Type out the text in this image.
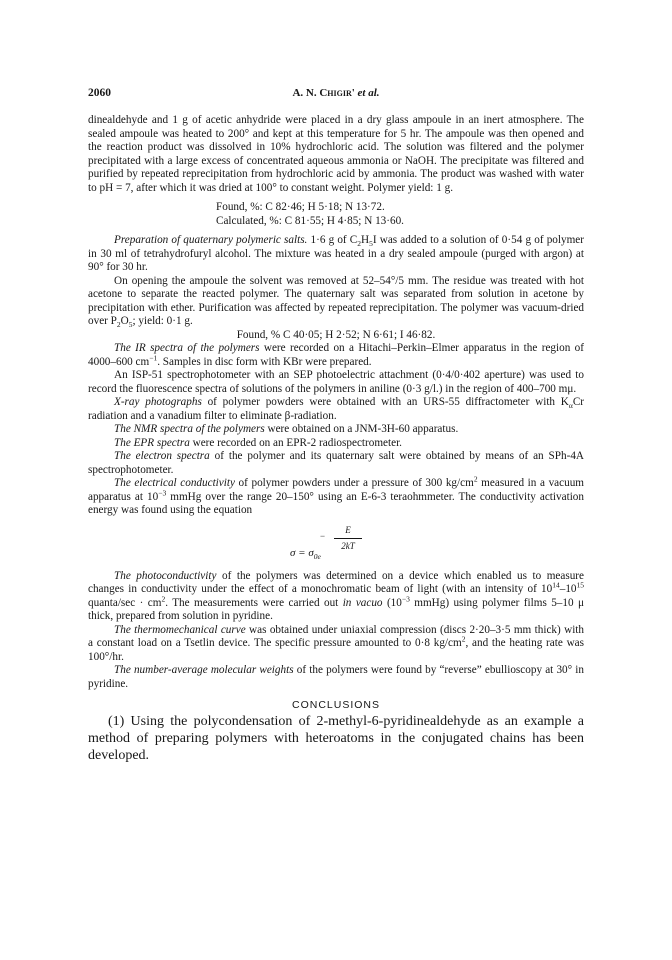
2060	A. N. Chigir' et al.

dinealdehyde and 1 g of acetic anhydride were placed in a dry glass ampoule in an inert atmosphere. The sealed ampoule was heated to 200° and kept at this temperature for 5 hr. The ampoule was then opened and the reaction product was dissolved in 10% hydrochloric acid. The solution was filtered and the polymer precipitated with a large excess of concentrated aqueous ammonia or NaOH. The precipitate was filtered and purified by repeated reprecipitation from hydrochloric acid by ammonia. The product was washed with water to pH = 7, after which it was dried at 100° to constant weight. Polymer yield: 1 g.

Found, %: C 82·46; H 5·18; N 13·72.
Calculated, %: C 81·55; H 4·85; N 13·60.

Preparation of quaternary polymeric salts. 1·6 g of $C_2H_5I$ was added to a solution of 0·54 g of polymer in 30 ml of tetrahydrofuryl alcohol. The mixture was heated in a dry sealed ampoule (purged with argon) at 90° for 30 hr.

On opening the ampoule the solvent was removed at 52–54°/5 mm. The residue was treated with hot acetone to separate the reacted polymer. The quaternary salt was separated from solution in acetone by precipitation with ether. Purification was affected by repeated reprecipitation. The polymer was vacuum-dried over $P_2O_5$; yield: 0·1 g.

Found, % C 40·05; H 2·52; N 6·61; I 46·82.

The IR spectra of the polymers were recorded on a Hitachi–Perkin–Elmer apparatus in the region of 4000–600 $cm^{-1}$. Samples in disc form with KBr were prepared.

An ISP-51 spectrophotometer with an SEP photoelectric attachment (0·4/0·402 aperture) was used to record the fluorescence spectra of solutions of the polymers in aniline (0·3 g/l.) in the region of 400–700 mμ.

X-ray photographs of polymer powders were obtained with an URS-55 diffractometer with $K_\alpha Cr$ radiation and a vanadium filter to eliminate β-radiation.

The NMR spectra of the polymers were obtained on a JNM-3H-60 apparatus.

The EPR spectra were recorded on an EPR-2 radiospectrometer.

The electron spectra of the polymer and its quaternary salt were obtained by means of an SPh-4A spectrophotometer.

The electrical conductivity of polymer powders under a pressure of 300 $kg/cm^2$ measured in a vacuum apparatus at $10^{-3}$ mmHg over the range 20–150° using an E-6-3 teraohmmeter. The conductivity activation energy was found using the equation

−
E
2kT
$\sigma = \sigma_{0e}$

The photoconductivity of the polymers was determined on a device which enabled us to measure changes in conductivity under the effect of a monochromatic beam of light (with an intensity of $10^{14}-10^{15}$ quanta/sec · $cm^2$. The measurements were carried out in vacuo ($10^{-3}$ mmHg) using polymer films 5–10 μ thick, prepared from solution in pyridine.

The thermomechanical curve was obtained under uniaxial compression (discs 2·20–3·5 mm thick) with a constant load on a Tsetlin device. The specific pressure amounted to 0·8 $kg/cm^2$, and the heating rate was 100°/hr.

The number-average molecular weights of the polymers were found by “reverse” ebullioscopy at 30° in pyridine.

CONCLUSIONS

(1) Using the polycondensation of 2-methyl-6-pyridinealdehyde as an example a method of preparing polymers with heteroatoms in the conjugated chains has been developed.
